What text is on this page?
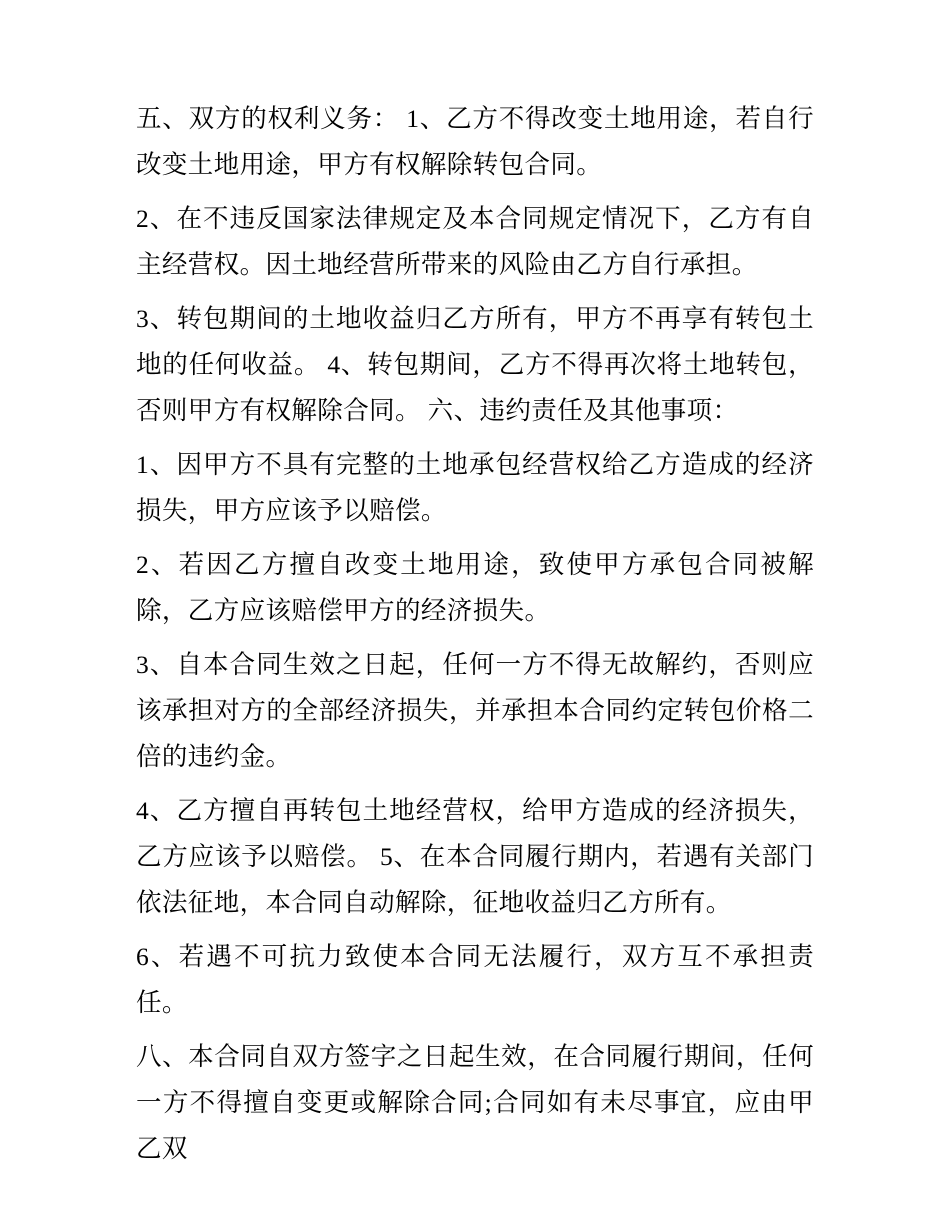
五、双方的权利义务： 1、乙方不得改变土地用途，若自行改变土地用途，甲方有权解除转包合同。

2、在不违反国家法律规定及本合同规定情况下，乙方有自主经营权。因土地经营所带来的风险由乙方自行承担。

3、转包期间的土地收益归乙方所有，甲方不再享有转包土地的任何收益。 4、转包期间，乙方不得再次将土地转包，否则甲方有权解除合同。 六、违约责任及其他事项：

1、因甲方不具有完整的土地承包经营权给乙方造成的经济损失，甲方应该予以赔偿。

2、若因乙方擅自改变土地用途，致使甲方承包合同被解除，乙方应该赔偿甲方的经济损失。

3、自本合同生效之日起，任何一方不得无故解约，否则应该承担对方的全部经济损失，并承担本合同约定转包价格二倍的违约金。

4、乙方擅自再转包土地经营权，给甲方造成的经济损失，乙方应该予以赔偿。 5、在本合同履行期内，若遇有关部门依法征地，本合同自动解除，征地收益归乙方所有。

6、若遇不可抗力致使本合同无法履行，双方互不承担责任。

八、本合同自双方签字之日起生效，在合同履行期间，任何一方不得擅自变更或解除合同;合同如有未尽事宜，应由甲乙双
